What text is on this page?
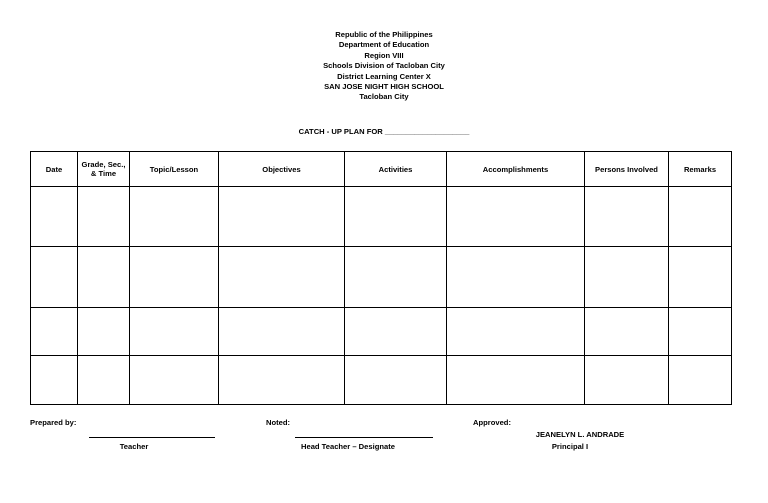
Republic of the Philippines
Department of Education
Region VIII
Schools Division of Tacloban City
District Learning Center X
SAN JOSE NIGHT HIGH SCHOOL
Tacloban City
CATCH - UP PLAN FOR ____________________
Date	Grade, Sec., & Time	Topic/Lesson	Objectives	Activities	Accomplishments	Persons Involved	Remarks

Prepared by:
Teacher
Noted:
Head Teacher – Designate
Approved:
JEANELYN L. ANDRADE
Principal I
